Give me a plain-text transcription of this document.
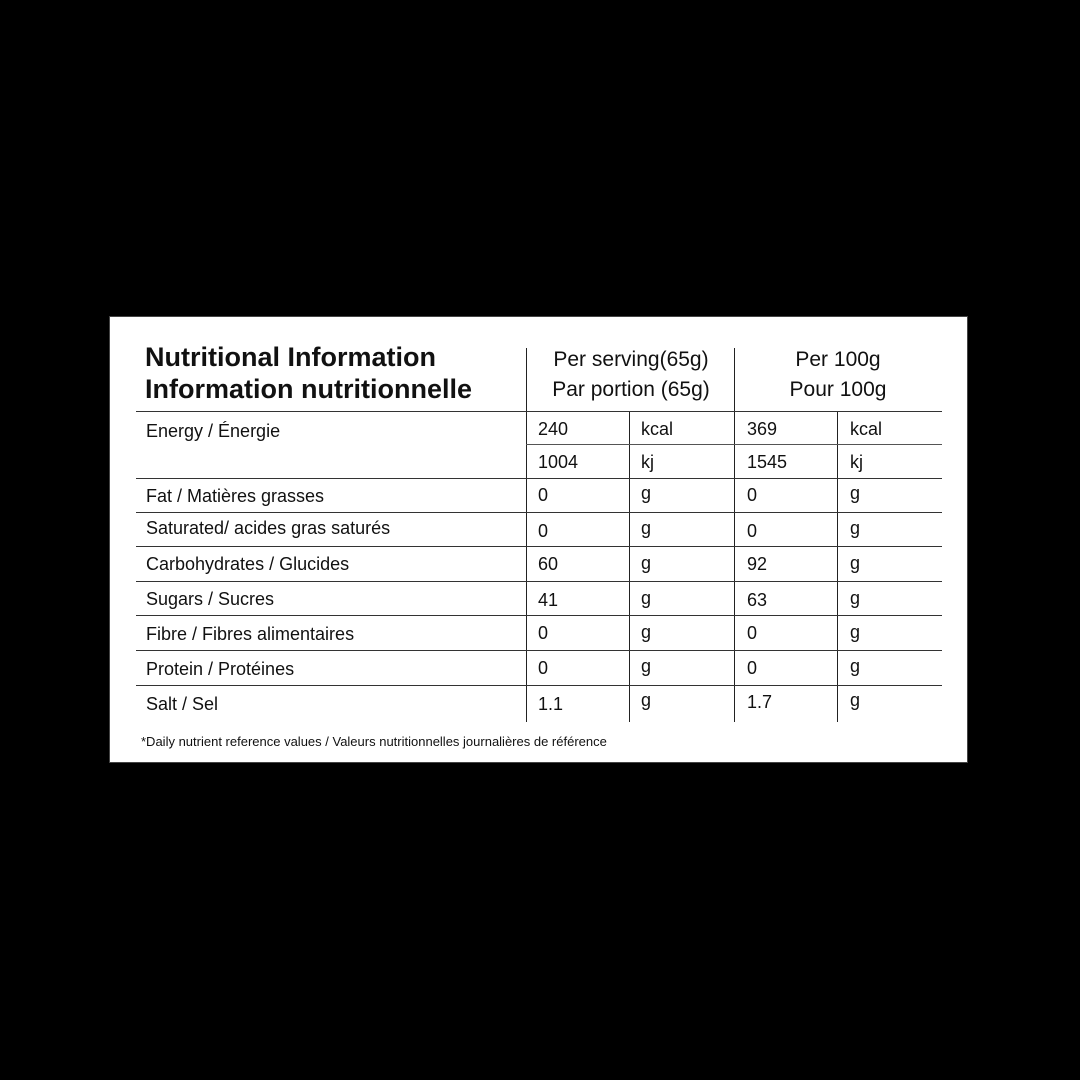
Nutritional Information
Information nutritionnelle
Per serving(65g)
Par portion (65g)
Per 100g
Pour 100g
Energy / Énergie	240	kcal	369	kcal
1004	kj	1545	kj
Fat / Matières grasses	0	g	0	g
Saturated/ acides gras saturés	0	g	0	g
Carbohydrates / Glucides	60	g	92	g
Sugars / Sucres	41	g	63	g
Fibre / Fibres alimentaires	0	g	0	g
Protein / Protéines	0	g	0	g
Salt / Sel	1.1	g	1.7	g
*Daily nutrient reference values / Valeurs nutritionnelles journalières de référence
